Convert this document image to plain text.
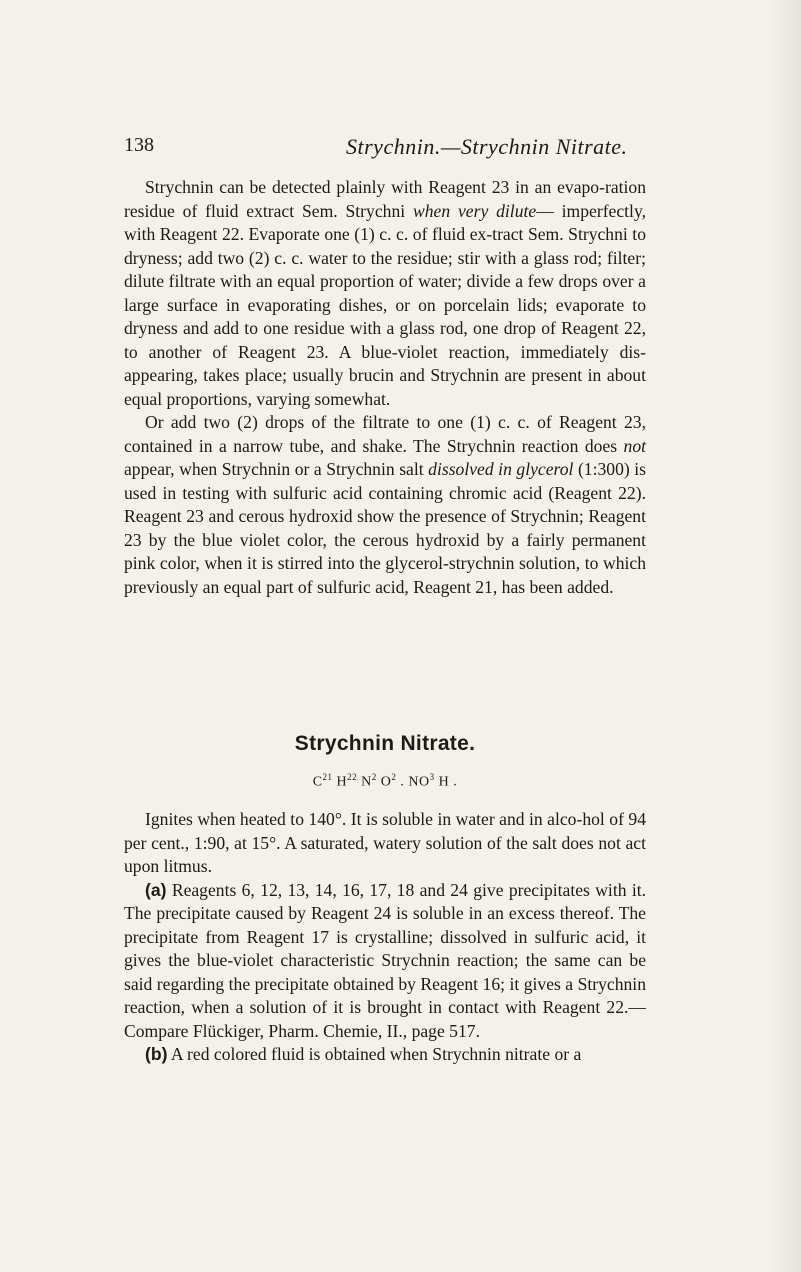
138	Strychnin.—Strychnin Nitrate.

Strychnin can be detected plainly with Reagent 23 in an evapo-ration residue of fluid extract Sem. Strychni when very dilute— imperfectly, with Reagent 22. Evaporate one (1) c. c. of fluid ex-tract Sem. Strychni to dryness; add two (2) c. c. water to the residue; stir with a glass rod; filter; dilute filtrate with an equal proportion of water; divide a few drops over a large surface in evaporating dishes, or on porcelain lids; evaporate to dryness and add to one residue with a glass rod, one drop of Reagent 22, to another of Reagent 23. A blue-violet reaction, immediately dis-appearing, takes place; usually brucin and Strychnin are present in about equal proportions, varying somewhat.

Or add two (2) drops of the filtrate to one (1) c. c. of Reagent 23, contained in a narrow tube, and shake. The Strychnin reaction does not appear, when Strychnin or a Strychnin salt dissolved in glycerol (1:300) is used in testing with sulfuric acid containing chromic acid (Reagent 22). Reagent 23 and cerous hydroxid show the presence of Strychnin; Reagent 23 by the blue violet color, the cerous hydroxid by a fairly permanent pink color, when it is stirred into the glycerol-strychnin solution, to which previously an equal part of sulfuric acid, Reagent 21, has been added.

Strychnin Nitrate.
$C^{21}$ $H^{22}$ $N^2$ $O^2$ . $NO^3$ H .

Ignites when heated to 140°. It is soluble in water and in alco-hol of 94 per cent., 1:90, at 15°. A saturated, watery solution of the salt does not act upon litmus.

(a) Reagents 6, 12, 13, 14, 16, 17, 18 and 24 give precipitates with it. The precipitate caused by Reagent 24 is soluble in an excess thereof. The precipitate from Reagent 17 is crystalline; dissolved in sulfuric acid, it gives the blue-violet characteristic Strychnin reaction; the same can be said regarding the precipitate obtained by Reagent 16; it gives a Strychnin reaction, when a solution of it is brought in contact with Reagent 22.—Compare Flückiger, Pharm. Chemie, II., page 517.

(b) A red colored fluid is obtained when Strychnin nitrate or a
